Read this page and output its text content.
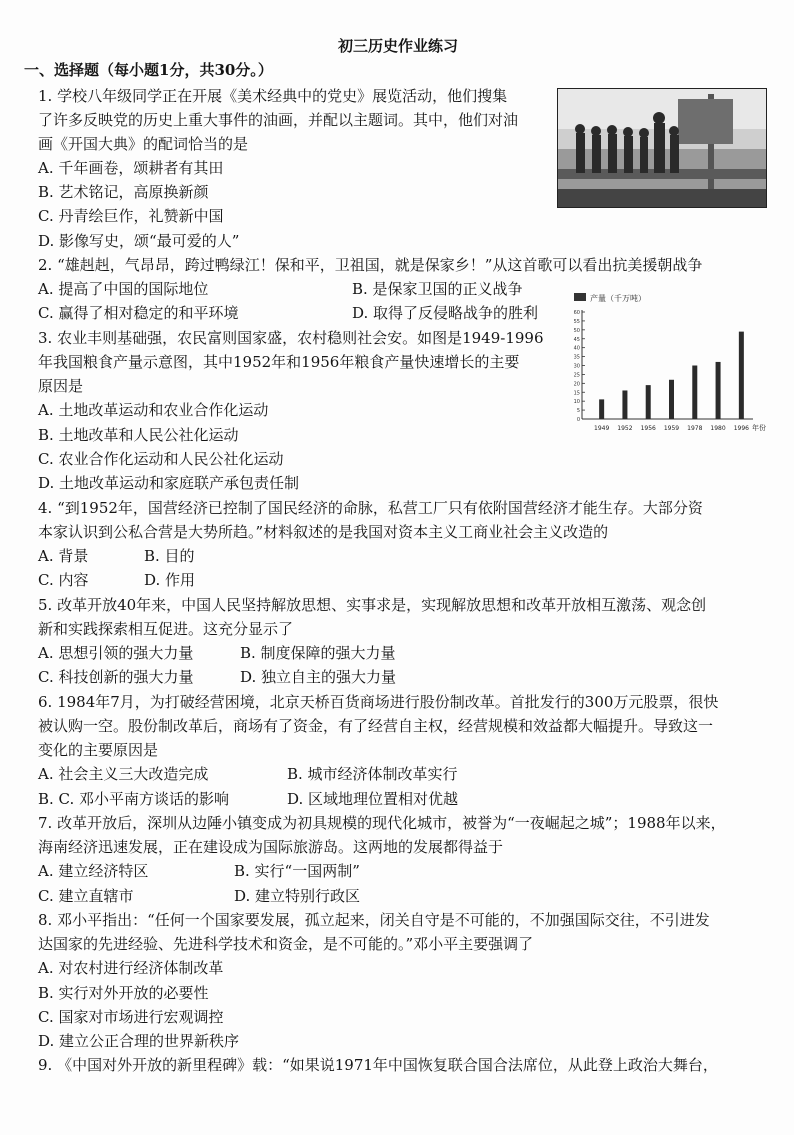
初三历史作业练习
一、选择题（每小题1分，共30分。）
1. 学校八年级同学正在开展《美术经典中的党史》展览活动，他们搜集
了许多反映党的历史上重大事件的油画，并配以主题词。其中，他们对油
画《开国大典》的配词恰当的是
A. 千年画卷，颂耕者有其田
B. 艺术铭记，高原换新颜
C. 丹青绘巨作，礼赞新中国
D. 影像写史，颂“最可爱的人”
2. “雄赳赳，气昂昂，跨过鸭绿江！保和平，卫祖国，就是保家乡！”从这首歌可以看出抗美援朝战争
A. 提高了中国的国际地位	B. 是保家卫国的正义战争
C. 赢得了相对稳定的和平环境	D. 取得了反侵略战争的胜利
3. 农业丰则基础强，农民富则国家盛，农村稳则社会安。如图是1949-1996
年我国粮食产量示意图，其中1952年和1956年粮食产量快速增长的主要
原因是
A. 土地改革运动和农业合作化运动
B. 土地改革和人民公社化运动
C. 农业合作化运动和人民公社化运动
D. 土地改革运动和家庭联产承包责任制
产量（千万吨）
0
5
10
15
20
25
30
35
40
45
50
55
60
1949 1952 1956 1959 1978 1980 1996 年份
4. “到1952年，国营经济已控制了国民经济的命脉，私营工厂只有依附国营经济才能生存。大部分资
本家认识到公私合营是大势所趋。”材料叙述的是我国对资本主义工商业社会主义改造的
A. 背景	B. 目的
C. 内容	D. 作用
5. 改革开放40年来，中国人民坚持解放思想、实事求是，实现解放思想和改革开放相互激荡、观念创
新和实践探索相互促进。这充分显示了
A. 思想引领的强大力量	B. 制度保障的强大力量
C. 科技创新的强大力量	D. 独立自主的强大力量
6. 1984年7月，为打破经营困境，北京天桥百货商场进行股份制改革。首批发行的300万元股票，很快
被认购一空。股份制改革后，商场有了资金，有了经营自主权，经营规模和效益都大幅提升。导致这一
变化的主要原因是
A. 社会主义三大改造完成	B. 城市经济体制改革实行
B. C. 邓小平南方谈话的影响	D. 区域地理位置相对优越
7. 改革开放后，深圳从边陲小镇变成为初具规模的现代化城市，被誉为“一夜崛起之城”；1988年以来，
海南经济迅速发展，正在建设成为国际旅游岛。这两地的发展都得益于
A. 建立经济特区	B. 实行“一国两制”
C. 建立直辖市	D. 建立特别行政区
8. 邓小平指出：“任何一个国家要发展，孤立起来，闭关自守是不可能的，不加强国际交往，不引进发
达国家的先进经验、先进科学技术和资金，是不可能的。”邓小平主要强调了
A. 对农村进行经济体制改革
B. 实行对外开放的必要性
C. 国家对市场进行宏观调控
D. 建立公正合理的世界新秩序
9. 《中国对外开放的新里程碑》载：“如果说1971年中国恢复联合国合法席位，从此登上政治大舞台，
